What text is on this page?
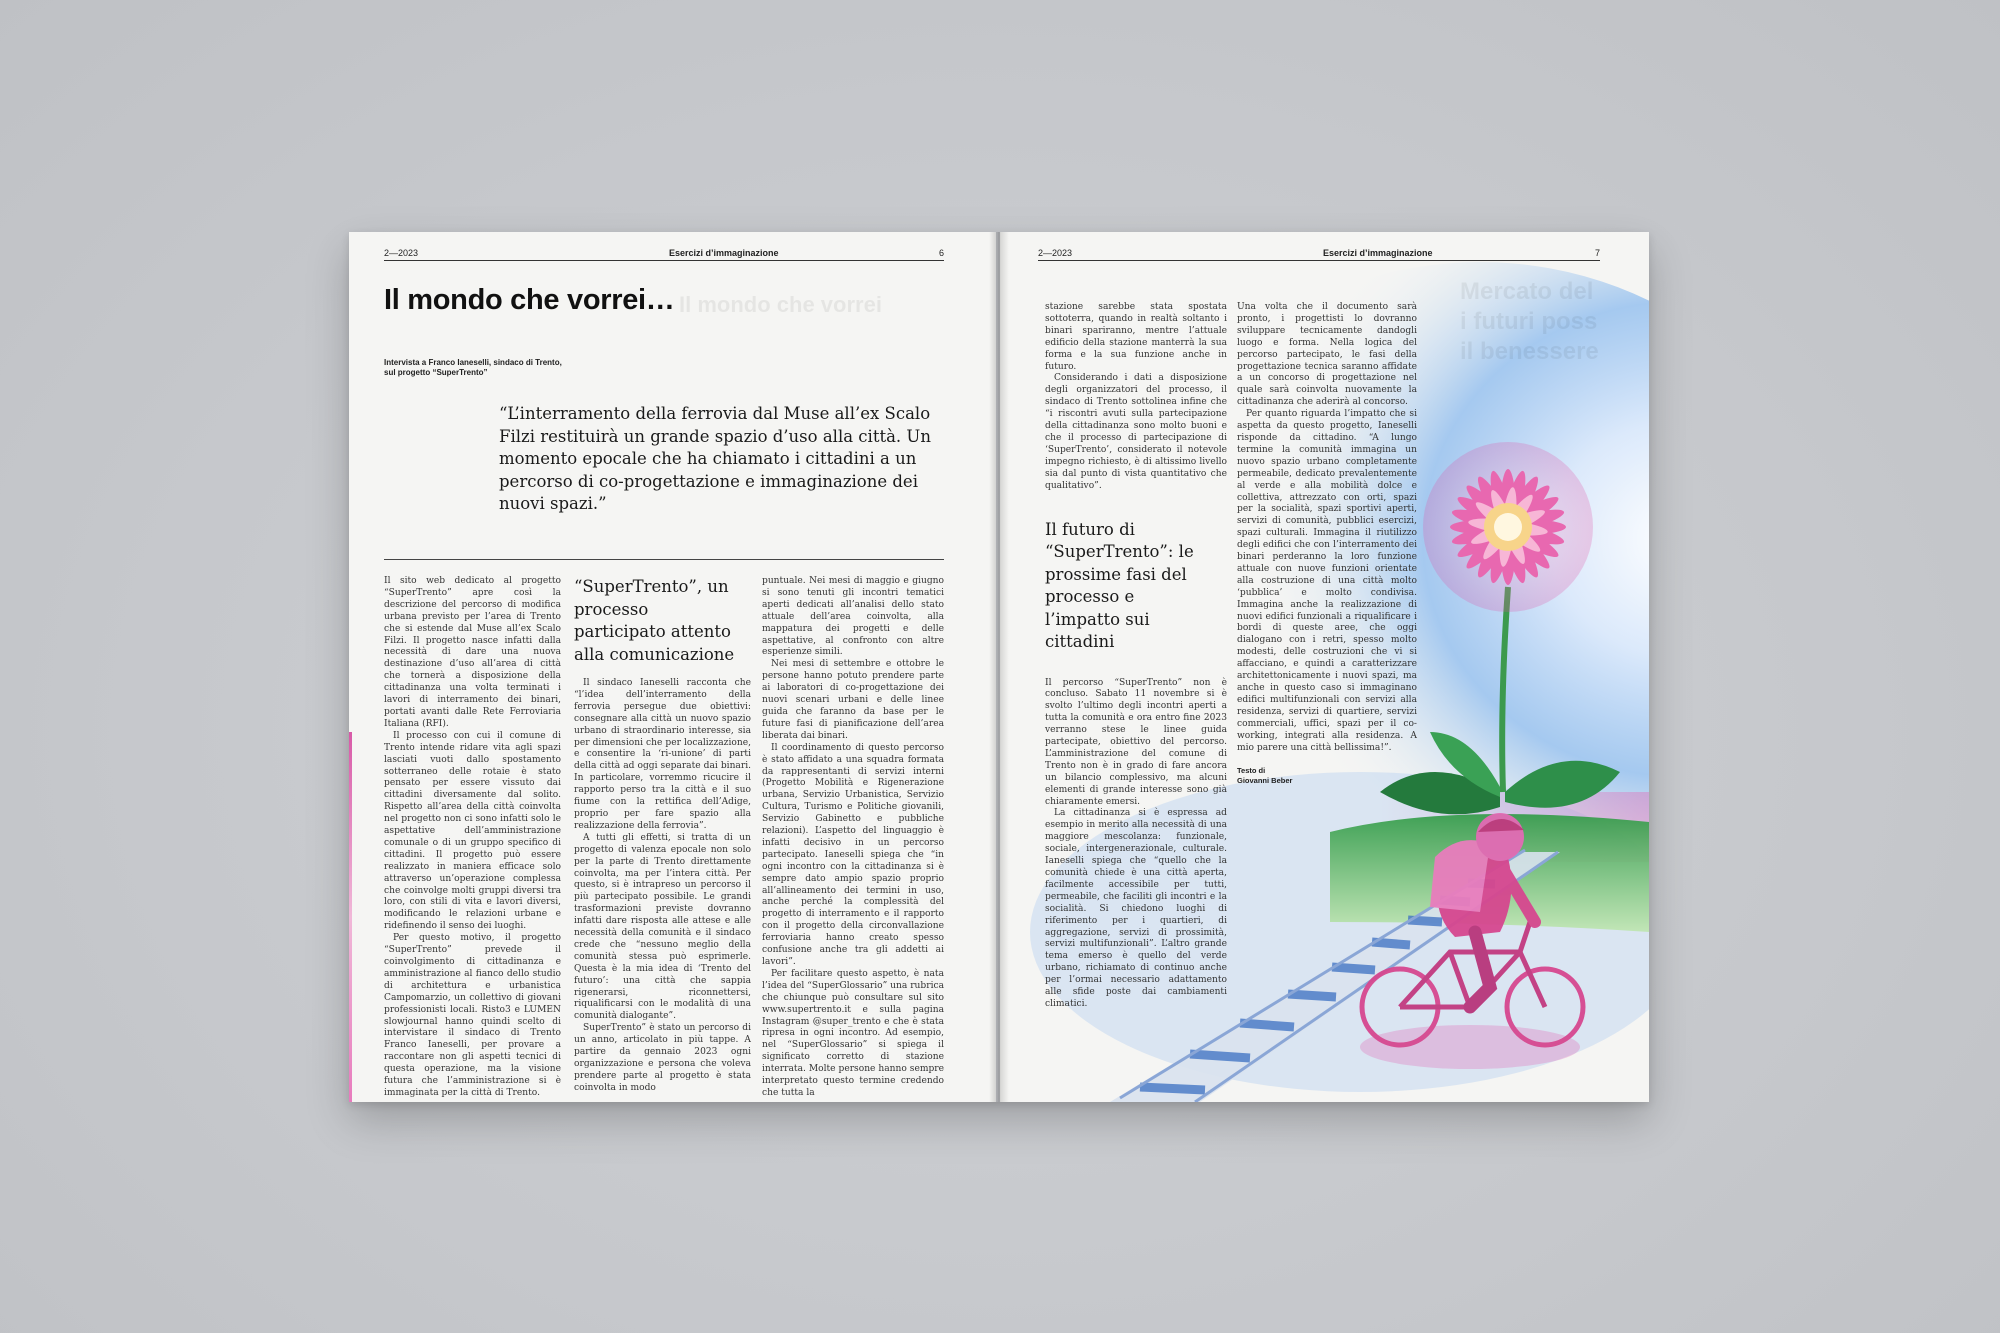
Il mondo che vorrei
2—2023	Esercizi d’immaginazione	6
Il mondo che vorrei…
Intervista a Franco Ianeselli, sindaco di Trento,
sul progetto “SuperTrento”
“L’interramento della ferrovia dal Muse all’ex Scalo Filzi restituirà un grande spazio d’uso alla città. Un momento epocale che ha chiamato i cittadini a un percorso di co-progettazione e immaginazione dei nuovi spazi.”

Il sito web dedicato al progetto “SuperTrento” apre così la descrizione del percorso di modifica urbana previsto per l’area di Trento che si estende dal Muse all’ex Scalo Filzi. Il progetto nasce infatti dalla necessità di dare una nuova destinazione d’uso all’area di città che tornerà a disposizione della cittadinanza una volta terminati i lavori di interramento dei binari, portati avanti dalle Rete Ferroviaria Italiana (RFI).

Il processo con cui il comune di Trento intende ridare vita agli spazi lasciati vuoti dallo spostamento sotterraneo delle rotaie è stato pensato per essere vissuto dai cittadini diversamente dal solito. Rispetto all’area della città coinvolta nel progetto non ci sono infatti solo le aspettative dell’amministrazione comunale o di un gruppo specifico di cittadini. Il progetto può essere realizzato in maniera efficace solo attraverso un’operazione complessa che coinvolge molti gruppi diversi tra loro, con stili di vita e lavori diversi, modificando le relazioni urbane e ridefinendo il senso dei luoghi.

Per questo motivo, il progetto “SuperTrento” prevede il coinvolgimento di cittadinanza e amministrazione al fianco dello studio di architettura e urbanistica Campomarzio, un collettivo di giovani professionisti locali. Risto3 e LUMEN slowjournal hanno quindi scelto di intervistare il sindaco di Trento Franco Ianeselli, per provare a raccontare non gli aspetti tecnici di questa operazione, ma la visione futura che l’amministrazione si è immaginata per la città di Trento.

“SuperTrento”, un processo participato attento alla comunicazione

Il sindaco Ianeselli racconta che “l’idea dell’interramento della ferrovia persegue due obiettivi: consegnare alla città un nuovo spazio urbano di straordinario interesse, sia per dimensioni che per localizzazione, e consentire la ‘ri-unione’ di parti della città ad oggi separate dai binari. In particolare, vorremmo ricucire il rapporto perso tra la città e il suo fiume con la rettifica dell’Adige, proprio per fare spazio alla realizzazione della ferrovia”.

A tutti gli effetti, si tratta di un progetto di valenza epocale non solo per la parte di Trento direttamente coinvolta, ma per l’intera città. Per questo, si è intrapreso un percorso il più partecipato possibile. Le grandi trasformazioni previste dovranno infatti dare risposta alle attese e alle necessità della comunità e il sindaco crede che “nessuno meglio della comunità stessa può esprimerle. Questa è la mia idea di ‘Trento del futuro’: una città che sappia rigenerarsi, riconnettersi, riqualificarsi con le modalità di una comunità dialogante”.

SuperTrento” è stato un percorso di un anno, articolato in più tappe. A partire da gennaio 2023 ogni organizzazione e persona che voleva prendere parte al progetto è stata coinvolta in modo

puntuale. Nei mesi di maggio e giugno si sono tenuti gli incontri tematici aperti dedicati all’analisi dello stato attuale dell’area coinvolta, alla mappatura dei progetti e delle aspettative, al confronto con altre esperienze simili.

Nei mesi di settembre e ottobre le persone hanno potuto prendere parte ai laboratori di co-progettazione dei nuovi scenari urbani e delle linee guida che faranno da base per le future fasi di pianificazione dell’area liberata dai binari.

Il coordinamento di questo percorso è stato affidato a una squadra formata da rappresentanti di servizi interni (Progetto Mobilità e Rigenerazione urbana, Servizio Urbanistica, Servizio Cultura, Turismo e Politiche giovanili, Servizio Gabinetto e pubbliche relazioni). L’aspetto del linguaggio è infatti decisivo in un percorso partecipato. Ianeselli spiega che “in ogni incontro con la cittadinanza si è sempre dato ampio spazio proprio all’allineamento dei termini in uso, anche perché la complessità del progetto di interramento e il rapporto con il progetto della circonvallazione ferroviaria hanno creato spesso confusione anche tra gli addetti ai lavori”.

Per facilitare questo aspetto, è nata l’idea del “SuperGlossario” una rubrica che chiunque può consultare sul sito www.supertrento.it e sulla pagina Instagram @super_trento e che è stata ripresa in ogni incontro. Ad esempio, nel “SuperGlossario” si spiega il significato corretto di stazione interrata. Molte persone hanno sempre interpretato questo termine credendo che tutta la

Mercato del
i futuri poss
il benessere
2—2023	Esercizi d’immaginazione	7

stazione sarebbe stata spostata sottoterra, quando in realtà soltanto i binari spariranno, mentre l’attuale edificio della stazione manterrà la sua forma e la sua funzione anche in futuro.

Considerando i dati a disposizione degli organizzatori del processo, il sindaco di Trento sottolinea infine che “i riscontri avuti sulla partecipazione della cittadinanza sono molto buoni e che il processo di partecipazione di ‘SuperTrento’, considerato il notevole impegno richiesto, è di altissimo livello sia dal punto di vista quantitativo che qualitativo”.

Il futuro di “SuperTrento”: le prossime fasi del processo e l’impatto sui cittadini

Il percorso “SuperTrento” non è concluso. Sabato 11 novembre si è svolto l’ultimo degli incontri aperti a tutta la comunità e ora entro fine 2023 verranno stese le linee guida partecipate, obiettivo del percorso. L’amministrazione del comune di Trento non è in grado di fare ancora un bilancio complessivo, ma alcuni elementi di grande interesse sono già chiaramente emersi.

La cittadinanza si è espressa ad esempio in merito alla necessità di una maggiore mescolanza: funzionale, sociale, intergenerazionale, culturale. Ianeselli spiega che “quello che la comunità chiede è una città aperta, facilmente accessibile per tutti, permeabile, che faciliti gli incontri e la socialità. Si chiedono luoghi di riferimento per i quartieri, di aggregazione, servizi di prossimità, servizi multifunzionali”. L’altro grande tema emerso è quello del verde urbano, richiamato di continuo anche per l’ormai necessario adattamento alle sfide poste dai cambiamenti climatici.

Una volta che il documento sarà pronto, i progettisti lo dovranno sviluppare tecnicamente dandogli luogo e forma. Nella logica del percorso partecipato, le fasi della progettazione tecnica saranno affidate a un concorso di progettazione nel quale sarà coinvolta nuovamente la cittadinanza che aderirà al concorso.

Per quanto riguarda l’impatto che si aspetta da questo progetto, Ianeselli risponde da cittadino. “A lungo termine la comunità immagina un nuovo spazio urbano completamente permeabile, dedicato prevalentemente al verde e alla mobilità dolce e collettiva, attrezzato con orti, spazi per la socialità, spazi sportivi aperti, servizi di comunità, pubblici esercizi, spazi culturali. Immagina il riutilizzo degli edifici che con l’interramento dei binari perderanno la loro funzione attuale con nuove funzioni orientate alla costruzione di una città molto ‘pubblica’ e molto condivisa. Immagina anche la realizzazione di nuovi edifici funzionali a riqualificare i bordi di queste aree, che oggi dialogano con i retri, spesso molto modesti, delle costruzioni che vi si affacciano, e quindi a caratterizzare architettonicamente i nuovi spazi, ma anche in questo caso si immaginano edifici multifunzionali con servizi alla residenza, servizi di quartiere, servizi commerciali, uffici, spazi per il co-working, integrati alla residenza. A mio parere una città bellissima!”.

Testo di
Giovanni Beber
